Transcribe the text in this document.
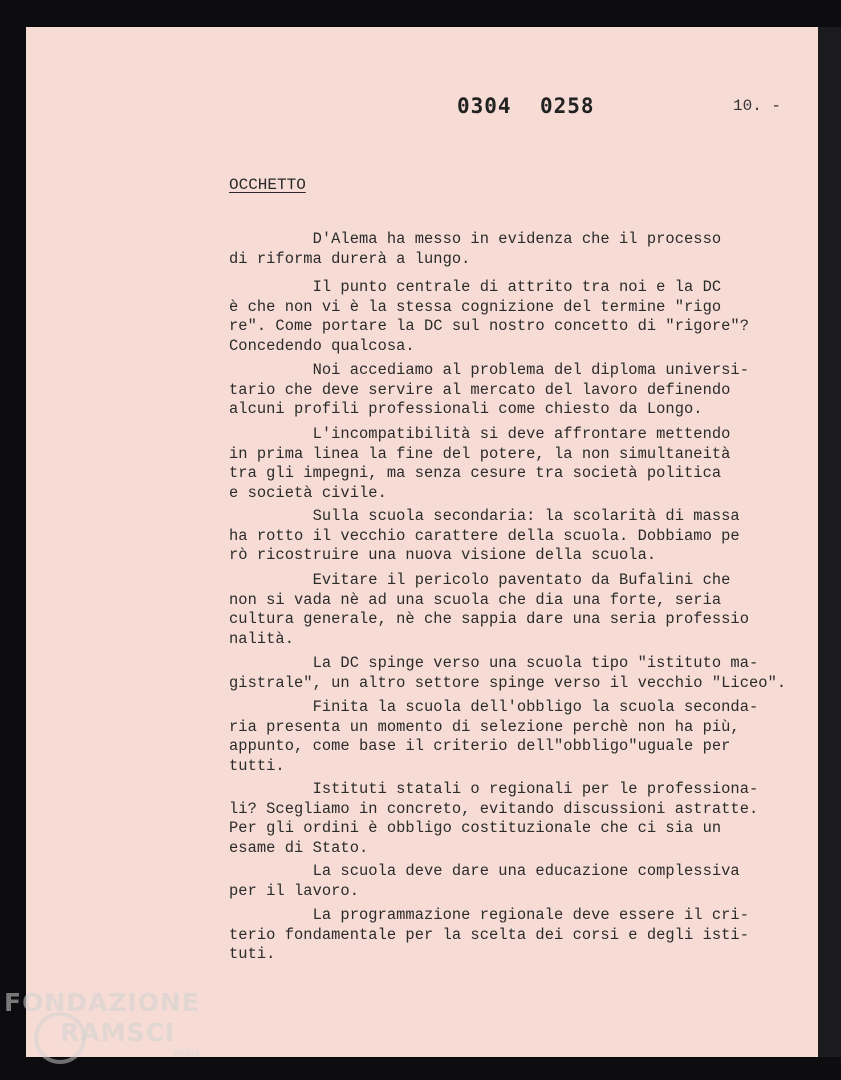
0304 0258	10. -
OCCHETTO

D'Alema ha messo in evidenza che il processo
di riforma durerà a lungo.

Il punto centrale di attrito tra noi e la DC
è che non vi è la stessa cognizione del termine "rigo
re". Come portare la DC sul nostro concetto di "rigore"?
Concedendo qualcosa.

Noi accediamo al problema del diploma universi-
tario che deve servire al mercato del lavoro definendo
alcuni profili professionali come chiesto da Longo.

L'incompatibilità si deve affrontare mettendo
in prima linea la fine del potere, la non simultaneità
tra gli impegni, ma senza cesure tra società politica
e società civile.

Sulla scuola secondaria: la scolarità di massa
ha rotto il vecchio carattere della scuola. Dobbiamo pe
rò ricostruire una nuova visione della scuola.

Evitare il pericolo paventato da Bufalini che
non si vada nè ad una scuola che dia una forte, seria
cultura generale, nè che sappia dare una seria professio
nalità.

La DC spinge verso una scuola tipo "istituto ma-
gistrale", un altro settore spinge verso il vecchio "Liceo".

Finita la scuola dell'obbligo la scuola seconda-
ria presenta un momento di selezione perchè non ha più,
appunto, come base il criterio dell"obbligo"uguale per
tutti.

Istituti statali o regionali per le professiona-
li? Scegliamo in concreto, evitando discussioni astratte.
Per gli ordini è obbligo costituzionale che ci sia un
esame di Stato.

La scuola deve dare una educazione complessiva
per il lavoro.

La programmazione regionale deve essere il cri-
terio fondamentale per la scelta dei corsi e degli isti-
tuti.

FONDAZIONE
RAMSCI
onlus
